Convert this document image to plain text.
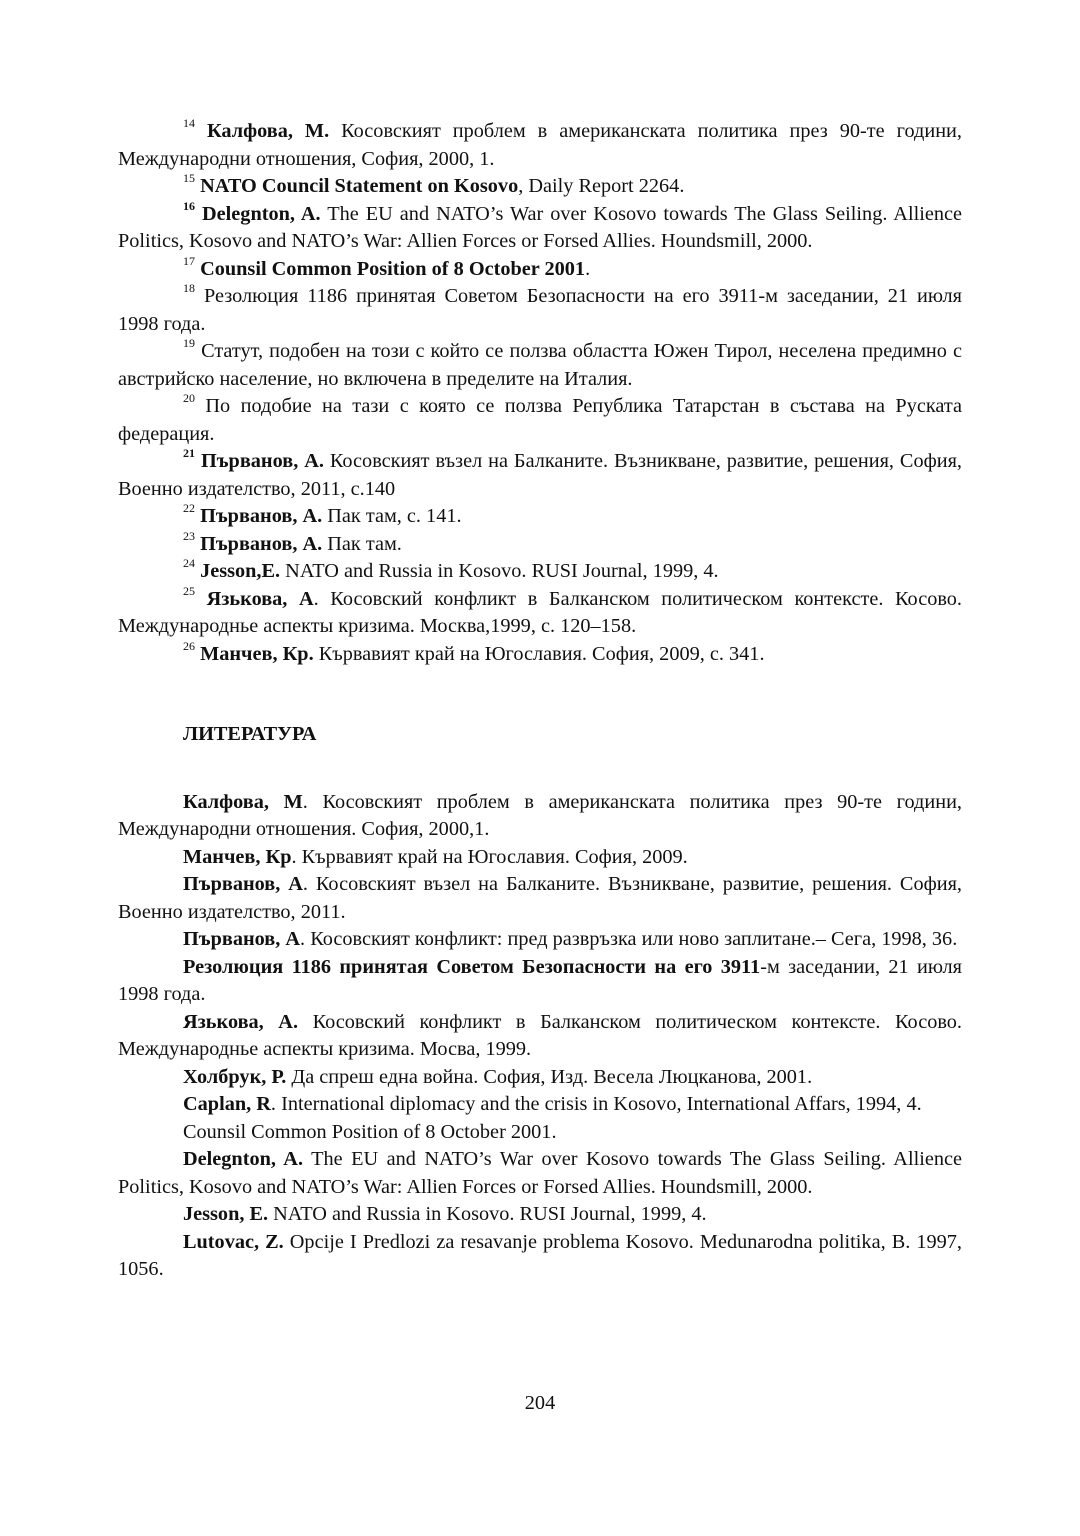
$^{14}$ Калфова, М. Косовският проблем в американската политика през 90-те години, Международни отношения, София, 2000, 1.

$^{15}$ NATO Council Statement on Kosovo, Daily Report 2264.

$^{16}$ Delegnton, A. The EU and NATO’s War over Kosovo towards The Glass Seiling. Allience Politics, Kosovo and NATO’s War: Allien Forces or Forsed Allies. Houndsmill, 2000.

$^{17}$ Counsil Common Position of 8 October 2001.

$^{18}$ Резолюция 1186 принятая Советом Безопасности на его 3911-м заседании, 21 июля 1998 года.

$^{19}$ Статут, подобен на този с който се ползва областта Южен Тирол, неселена предимно с австрийско население, но включена в пределите на Италия.

$^{20}$ По подобие на тази с която се ползва Република Татарстан в състава на Руската федерация.

$^{21}$ Първанов, А. Косовският възел на Балканите. Възникване, развитие, решения, София, Военно издателство, 2011, с.140

$^{22}$ Първанов, А. Пак там, с. 141.

$^{23}$ Първанов, А. Пак там.

$^{24}$ Jesson,E. NATO and Russia in Kosovo. RUSI Journal, 1999, 4.

$^{25}$ Язькова, А. Косовский конфликт в Балканском политическом контексте. Косово. Международнье аспекты кризима. Москва,1999, с. 120–158.

$^{26}$ Манчев, Кр. Кървавият край на Югославия. София, 2009, с. 341.

ЛИТЕРАТУРА

Калфова, М. Косовският проблем в американската политика през 90-те години, Международни отношения. София, 2000,1.

Манчев, Кр. Кървавият край на Югославия. София, 2009.

Първанов, А. Косовският възел на Балканите. Възникване, развитие, решения. София, Военно издателство, 2011.

Първанов, А. Косовският конфликт: пред развръзка или ново заплитане.– Сега, 1998, 36.

Резолюция 1186 принятая Советом Безопасности на его 3911-м заседании, 21 июля 1998 года.

Язькова, А. Косовский конфликт в Балканском политическом контексте. Косово. Международнье аспекты кризима. Мосва, 1999.

Холбрук, Р. Да спреш една война. София, Изд. Весела Люцканова, 2001.

Caplan, R. International diplomacy and the crisis in Kosovo, International Affars, 1994, 4.

Counsil Common Position of 8 October 2001.

Delegnton, A. The EU and NATO’s War over Kosovo towards The Glass Seiling. Allience Politics, Kosovo and NATO’s War: Allien Forces or Forsed Allies. Houndsmill, 2000.

Jesson, E. NATO and Russia in Kosovo. RUSI Journal, 1999, 4.

Lutovac, Z. Opcije I Predlozi za resavanje problema Kosovo. Medunarodna politika, B. 1997, 1056.

204
